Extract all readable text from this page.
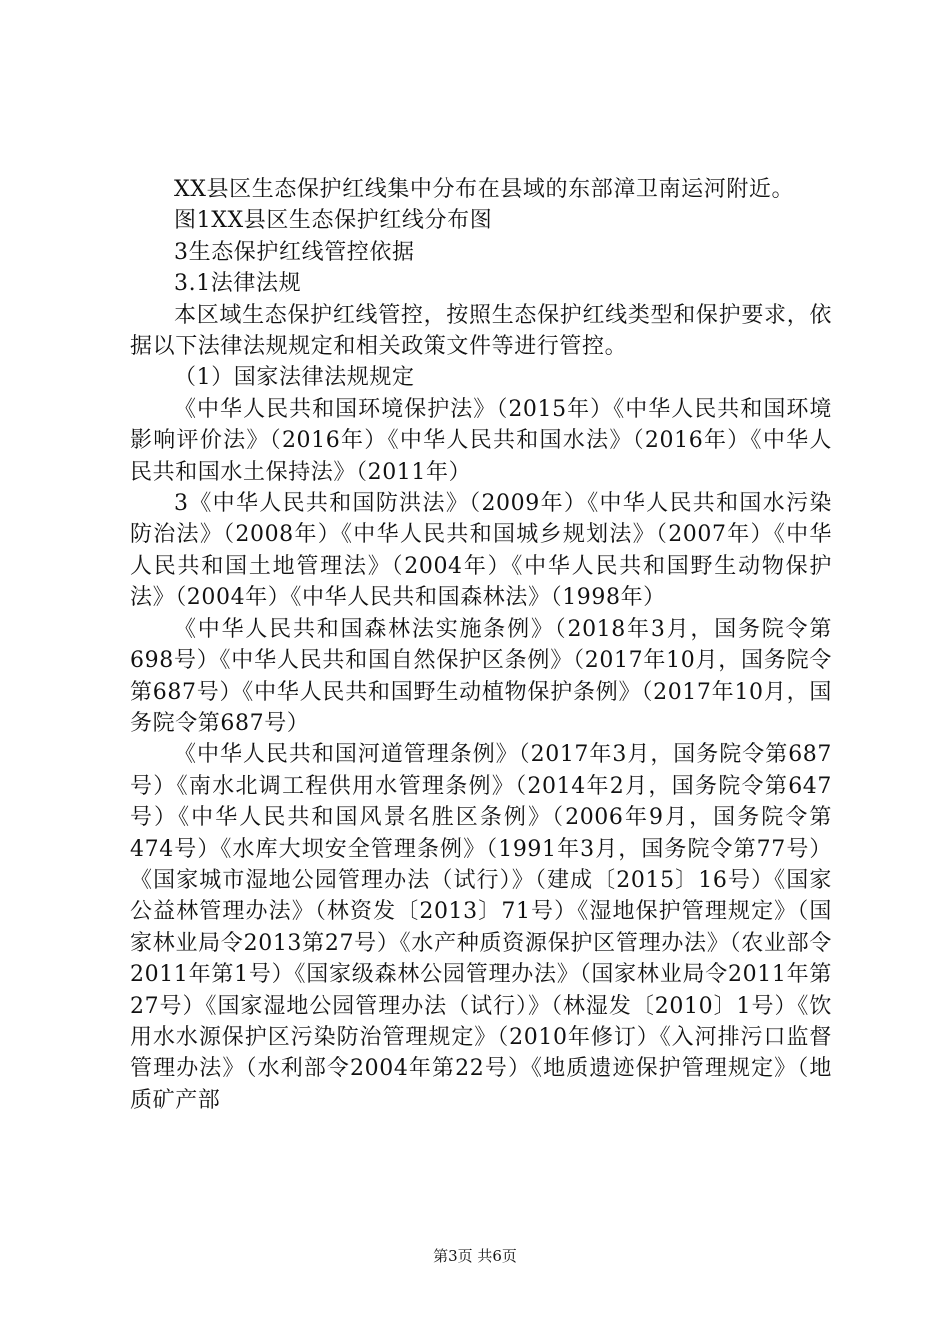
XX县区生态保护红线集中分布在县域的东部漳卫南运河附近。

图1XX县区生态保护红线分布图

3生态保护红线管控依据

3.1法律法规

本区域生态保护红线管控，按照生态保护红线类型和保护要求，依据以下法律法规规定和相关政策文件等进行管控。

（1）国家法律法规规定

《中华人民共和国环境保护法》（2015年）《中华人民共和国环境影响评价法》（2016年）《中华人民共和国水法》（2016年）《中华人民共和国水土保持法》（2011年）

3《中华人民共和国防洪法》（2009年）《中华人民共和国水污染防治法》（2008年）《中华人民共和国城乡规划法》（2007年）《中华人民共和国土地管理法》（2004年）《中华人民共和国野生动物保护法》（2004年）《中华人民共和国森林法》（1998年）

《中华人民共和国森林法实施条例》（2018年3月，国务院令第698号）《中华人民共和国自然保护区条例》（2017年10月，国务院令第687号）《中华人民共和国野生动植物保护条例》（2017年10月，国务院令第687号）

《中华人民共和国河道管理条例》（2017年3月，国务院令第687号）《南水北调工程供用水管理条例》（2014年2月，国务院令第647号）《中华人民共和国风景名胜区条例》（2006年9月，国务院令第474号）《水库大坝安全管理条例》（1991年3月，国务院令第77号）《国家城市湿地公园管理办法（试行）》（建成〔2015〕16号）《国家公益林管理办法》（林资发〔2013〕71号）《湿地保护管理规定》（国家林业局令2013第27号）《水产种质资源保护区管理办法》（农业部令2011年第1号）《国家级森林公园管理办法》（国家林业局令2011年第27号）《国家湿地公园管理办法（试行）》（林湿发〔2010〕1号）《饮用水水源保护区污染防治管理规定》（2010年修订）《入河排污口监督管理办法》（水利部令2004年第22号）《地质遗迹保护管理规定》（地质矿产部

第3页 共6页
